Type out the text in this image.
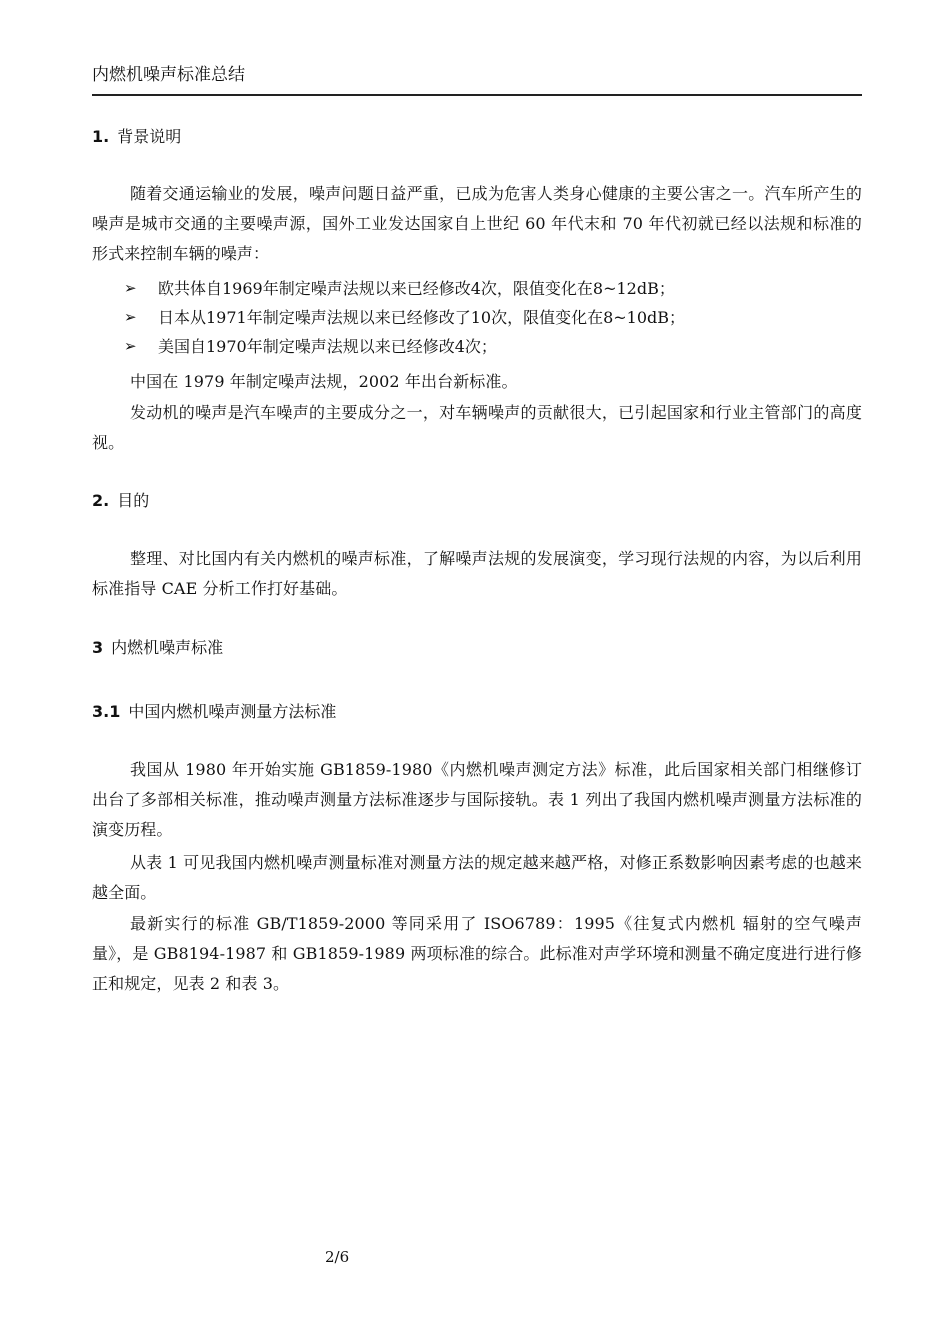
内燃机噪声标准总结
1. 背景说明
随着交通运输业的发展，噪声问题日益严重，已成为危害人类身心健康的主要公害之一。汽车所产生的噪声是城市交通的主要噪声源，国外工业发达国家自上世纪 60 年代末和 70 年代初就已经以法规和标准的形式来控制车辆的噪声：
➢	欧共体自1969年制定噪声法规以来已经修改4次，限值变化在8~12dB；
➢	日本从1971年制定噪声法规以来已经修改了10次，限值变化在8~10dB；
➢	美国自1970年制定噪声法规以来已经修改4次；
中国在 1979 年制定噪声法规，2002 年出台新标准。
发动机的噪声是汽车噪声的主要成分之一，对车辆噪声的贡献很大，已引起国家和行业主管部门的高度视。
2. 目的
整理、对比国内有关内燃机的噪声标准，了解噪声法规的发展演变，学习现行法规的内容，为以后利用标准指导 CAE 分析工作打好基础。
3 内燃机噪声标准
3.1 中国内燃机噪声测量方法标准
我国从 1980 年开始实施 GB1859-1980《内燃机噪声测定方法》标准，此后国家相关部门相继修订出台了多部相关标准，推动噪声测量方法标准逐步与国际接轨。表 1 列出了我国内燃机噪声测量方法标准的演变历程。
从表 1 可见我国内燃机噪声测量标准对测量方法的规定越来越严格，对修正系数影响因素考虑的也越来越全面。
最新实行的标准 GB/T1859-2000 等同采用了 ISO6789：1995《往复式内燃机 辐射的空气噪声量》，是 GB8194-1987 和 GB1859-1989 两项标准的综合。此标准对声学环境和测量不确定度进行进行修正和规定，见表 2 和表 3。
2/6
